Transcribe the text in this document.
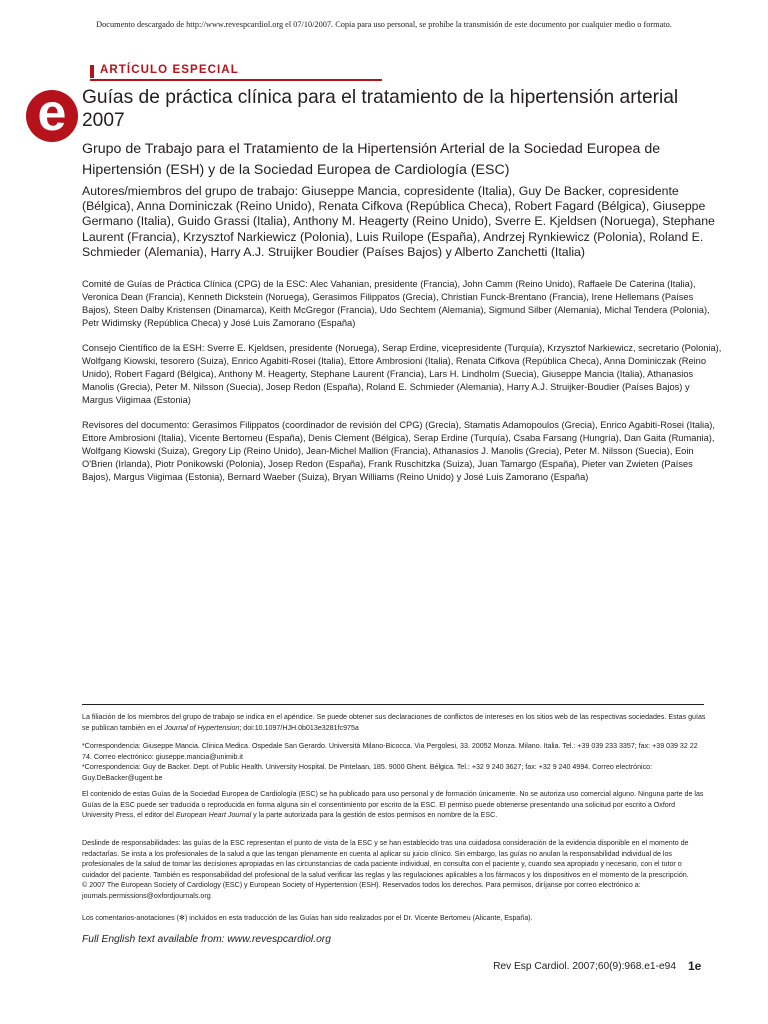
Documento descargado de http://www.revespcardiol.org el 07/10/2007. Copia para uso personal, se prohíbe la transmisión de este documento por cualquier medio o formato.
e
ARTÍCULO ESPECIAL
Guías de práctica clínica para el tratamiento de la hipertensión arterial 2007
Grupo de Trabajo para el Tratamiento de la Hipertensión Arterial de la Sociedad Europea de Hipertensión (ESH) y de la Sociedad Europea de Cardiología (ESC)
Autores/miembros del grupo de trabajo: Giuseppe Mancia, copresidente (Italia), Guy De Backer, copresidente (Bélgica), Anna Dominiczak (Reino Unido), Renata Cifkova (República Checa), Robert Fagard (Bélgica), Giuseppe Germano (Italia), Guido Grassi (Italia), Anthony M. Heagerty (Reino Unido), Sverre E. Kjeldsen (Noruega), Stephane Laurent (Francia), Krzysztof Narkiewicz (Polonia), Luis Ruilope (España), Andrzej Rynkiewicz (Polonia), Roland E. Schmieder (Alemania), Harry A.J. Struijker Boudier (Países Bajos) y Alberto Zanchetti (Italia)
Comité de Guías de Práctica Clínica (CPG) de la ESC: Alec Vahanian, presidente (Francia), John Camm (Reino Unido), Raffaele De Caterina (Italia), Veronica Dean (Francia), Kenneth Dickstein (Noruega), Gerasimos Filippatos (Grecia), Christian Funck-Brentano (Francia), Irene Hellemans (Países Bajos), Steen Dalby Kristensen (Dinamarca), Keith McGregor (Francia), Udo Sechtem (Alemania), Sigmund Silber (Alemania), Michal Tendera (Polonia), Petr Widimsky (República Checa) y José Luis Zamorano (España)
Consejo Científico de la ESH: Sverre E. Kjeldsen, presidente (Noruega), Serap Erdine, vicepresidente (Turquía), Krzysztof Narkiewicz, secretario (Polonia), Wolfgang Kiowski, tesorero (Suiza), Enrico Agabiti-Rosei (Italia), Ettore Ambrosioni (Italia), Renata Cifkova (República Checa), Anna Dominiczak (Reino Unido), Robert Fagard (Bélgica), Anthony M. Heagerty, Stephane Laurent (Francia), Lars H. Lindholm (Suecia), Giuseppe Mancia (Italia), Athanasios Manolis (Grecia), Peter M. Nilsson (Suecia), Josep Redon (España), Roland E. Schmieder (Alemania), Harry A.J. Struijker-Boudier (Países Bajos) y Margus Viigimaa (Estonia)
Revisores del documento: Gerasimos Filippatos (coordinador de revisión del CPG) (Grecia), Stamatis Adamopoulos (Grecia), Enrico Agabiti-Rosei (Italia), Ettore Ambrosioni (Italia), Vicente Bertomeu (España), Denis Clement (Bélgica), Serap Erdine (Turquía), Csaba Farsang (Hungría), Dan Gaita (Rumania), Wolfgang Kiowski (Suiza), Gregory Lip (Reino Unido), Jean-Michel Mallion (Francia), Athanasios J. Manolis (Grecia), Peter M. Nilsson (Suecia), Eoin O'Brien (Irlanda), Piotr Ponikowski (Polonia), Josep Redon (España), Frank Ruschitzka (Suiza), Juan Tamargo (España), Pieter van Zwieten (Países Bajos), Margus Viigimaa (Estonia), Bernard Waeber (Suiza), Bryan Williams (Reino Unido) y José Luis Zamorano (España)
La filiación de los miembros del grupo de trabajo se indica en el apéndice. Se puede obtener sus declaraciones de conflictos de intereses en los sitios web de las respectivas sociedades. Estas guías se publican también en el Journal of Hypertension; doi:10.1097/HJH.0b013e3281fc975a
*Correspondencia: Giuseppe Mancia. Clinica Medica. Ospedale San Gerardo. Università Milano-Bicocca. Via Pergolesi, 33. 20052 Monza. Milano. Italia. Tel.: +39 039 233 3357; fax: +39 039 32 22 74. Correo electrónico: giuseppe.mancia@unimib.it
*Correspondencia: Guy de Backer. Dept. of Public Health. University Hospital. De Pintelaan, 185. 9000 Ghent. Bélgica. Tel.: +32 9 240 3627; fax: +32 9 240 4994. Correo electrónico: Guy.DeBacker@ugent.be
El contenido de estas Guías de la Sociedad Europea de Cardiología (ESC) se ha publicado para uso personal y de formación únicamente. No se autoriza uso comercial alguno. Ninguna parte de las Guías de la ESC puede ser traducida o reproducida en forma alguna sin el consentimiento por escrito de la ESC. El permiso puede obtenerse presentando una solicitud por escrito a Oxford University Press, el editor del European Heart Journal y la parte autorizada para la gestión de estos permisos en nombre de la ESC.
Deslinde de responsabilidades: las guías de la ESC representan el punto de vista de la ESC y se han establecido tras una cuidadosa consideración de la evidencia disponible en el momento de redactarlas. Se insta a los profesionales de la salud a que las tengan plenamente en cuenta al aplicar su juicio clínico. Sin embargo, las guías no anulan la responsabilidad individual de los profesionales de la salud de tomar las decisiones apropiadas en las circunstancias de cada paciente individual, en consulta con el paciente y, cuando sea apropiado y necesario, con el tutor o cuidador del paciente. También es responsabilidad del profesional de la salud verificar las reglas y las regulaciones aplicables a los fármacos y los dispositivos en el momento de la prescripción.
© 2007 The European Society of Cardiology (ESC) y European Society of Hypertension (ESH). Reservados todos los derechos. Para permisos, diríjanse por correo electrónico a: journals.permissions@oxfordjournals.org
Los comentarios-anotaciones (✻) incluidos en esta traducción de las Guías han sido realizados por el Dr. Vicente Bertomeu (Alicante, España).
Full English text available from: www.revespcardiol.org
Rev Esp Cardiol. 2007;60(9):968.e1-e94 1e
